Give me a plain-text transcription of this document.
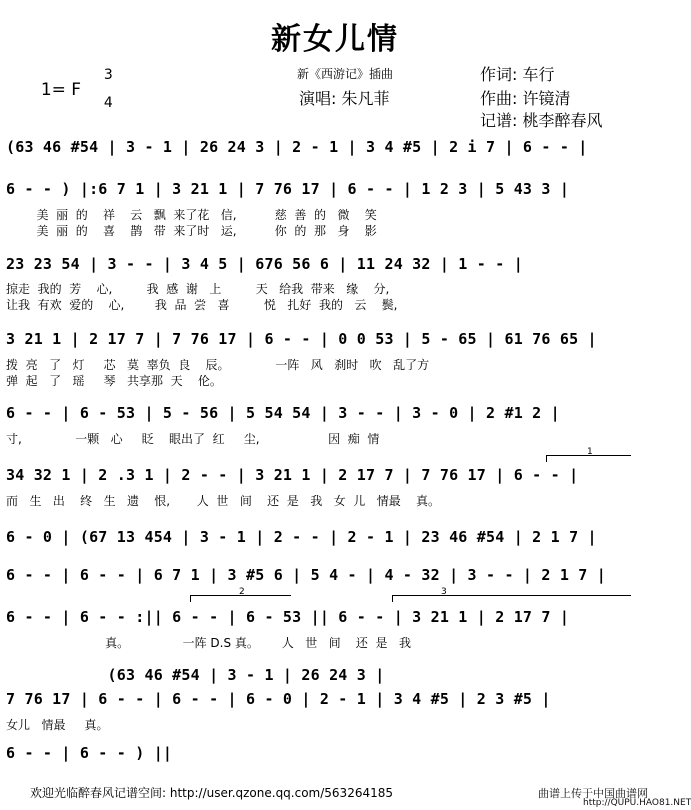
新女儿情

1= F

3

4

新《西游记》插曲
演唱: 朱凡菲
作词: 车行
作曲: 许镜清
记谱: 桃李醉春风
(63 46 #54 | 3 - 1 | 26 24 3 | 2 - 1 | 3 4 #5 | 2 i 7 | 6 - - |
6 - - ) |:6 7 1 | 3 21 1 | 7 76 17 | 6 - - | 1 2 3 | 5 43 3 |
美  丽  的    祥    云   飘  来了花   信,          慈  善  的   微    笑
美  丽  的    喜    鹊   带  来了时   运,          你  的  那   身    影
23 23 54 | 3 - - | 3 4 5 | 676 56 6 | 11 24 32 | 1 - - |
掠走  我的  芳    心,         我  感  谢   上         天   给我  带来   缘    分,
让我  有欢  爱的    心,        我  品  尝   喜         悦   扎好  我的   云    鬓,
3 21 1 | 2 17 7 | 7 76 17 | 6 - - | 0 0 53 | 5 - 65 | 61 76 65 |
拨  亮   了   灯     芯   莫  辜负  良    辰。            一阵   风   刹时   吹   乱了方
弹  起   了   瑶     琴   共享那  天    伦。
6 - - | 6 - 53 | 5 - 56 | 5 54 54 | 3 - - | 3 - 0 | 2 #1 2 |
寸,              一颗   心     眨    眼出了  红     尘,                  因  痴  情
1
34 32 1 | 2 .3 1 | 2 - - | 3 21 1 | 2 17 7 | 7 76 17 | 6 - - |
而   生   出    终   生   遗    恨,       人  世   间    还  是   我   女  儿   情最    真。
6 - 0 | (67 13 454 | 3 - 1 | 2 - - | 2 - 1 | 23 46 #54 | 2 1 7 |
6 - - | 6 - - | 6 7 1 | 3 #5 6 | 5 4 - | 4 - 32 | 3 - - | 2 1 7 |
2	3
6 - - | 6 - - :|| 6 - - | 6 - 53 || 6 - - | 3 21 1 | 2 17 7 |
真。              一阵 D.S 真。      人   世   间    还  是   我
(63 46 #54 | 3 - 1 | 26 24 3 |
7 76 17 | 6 - - | 6 - - | 6 - 0 | 2 - 1 | 3 4 #5 | 2 3 #5 |
女儿   情最     真。
6 - - | 6 - - ) ||
欢迎光临醉春风记谱空间: http://user.qzone.qq.com/563264185	曲谱上传于中国曲谱网
http://QUPU.HAO81.NET
